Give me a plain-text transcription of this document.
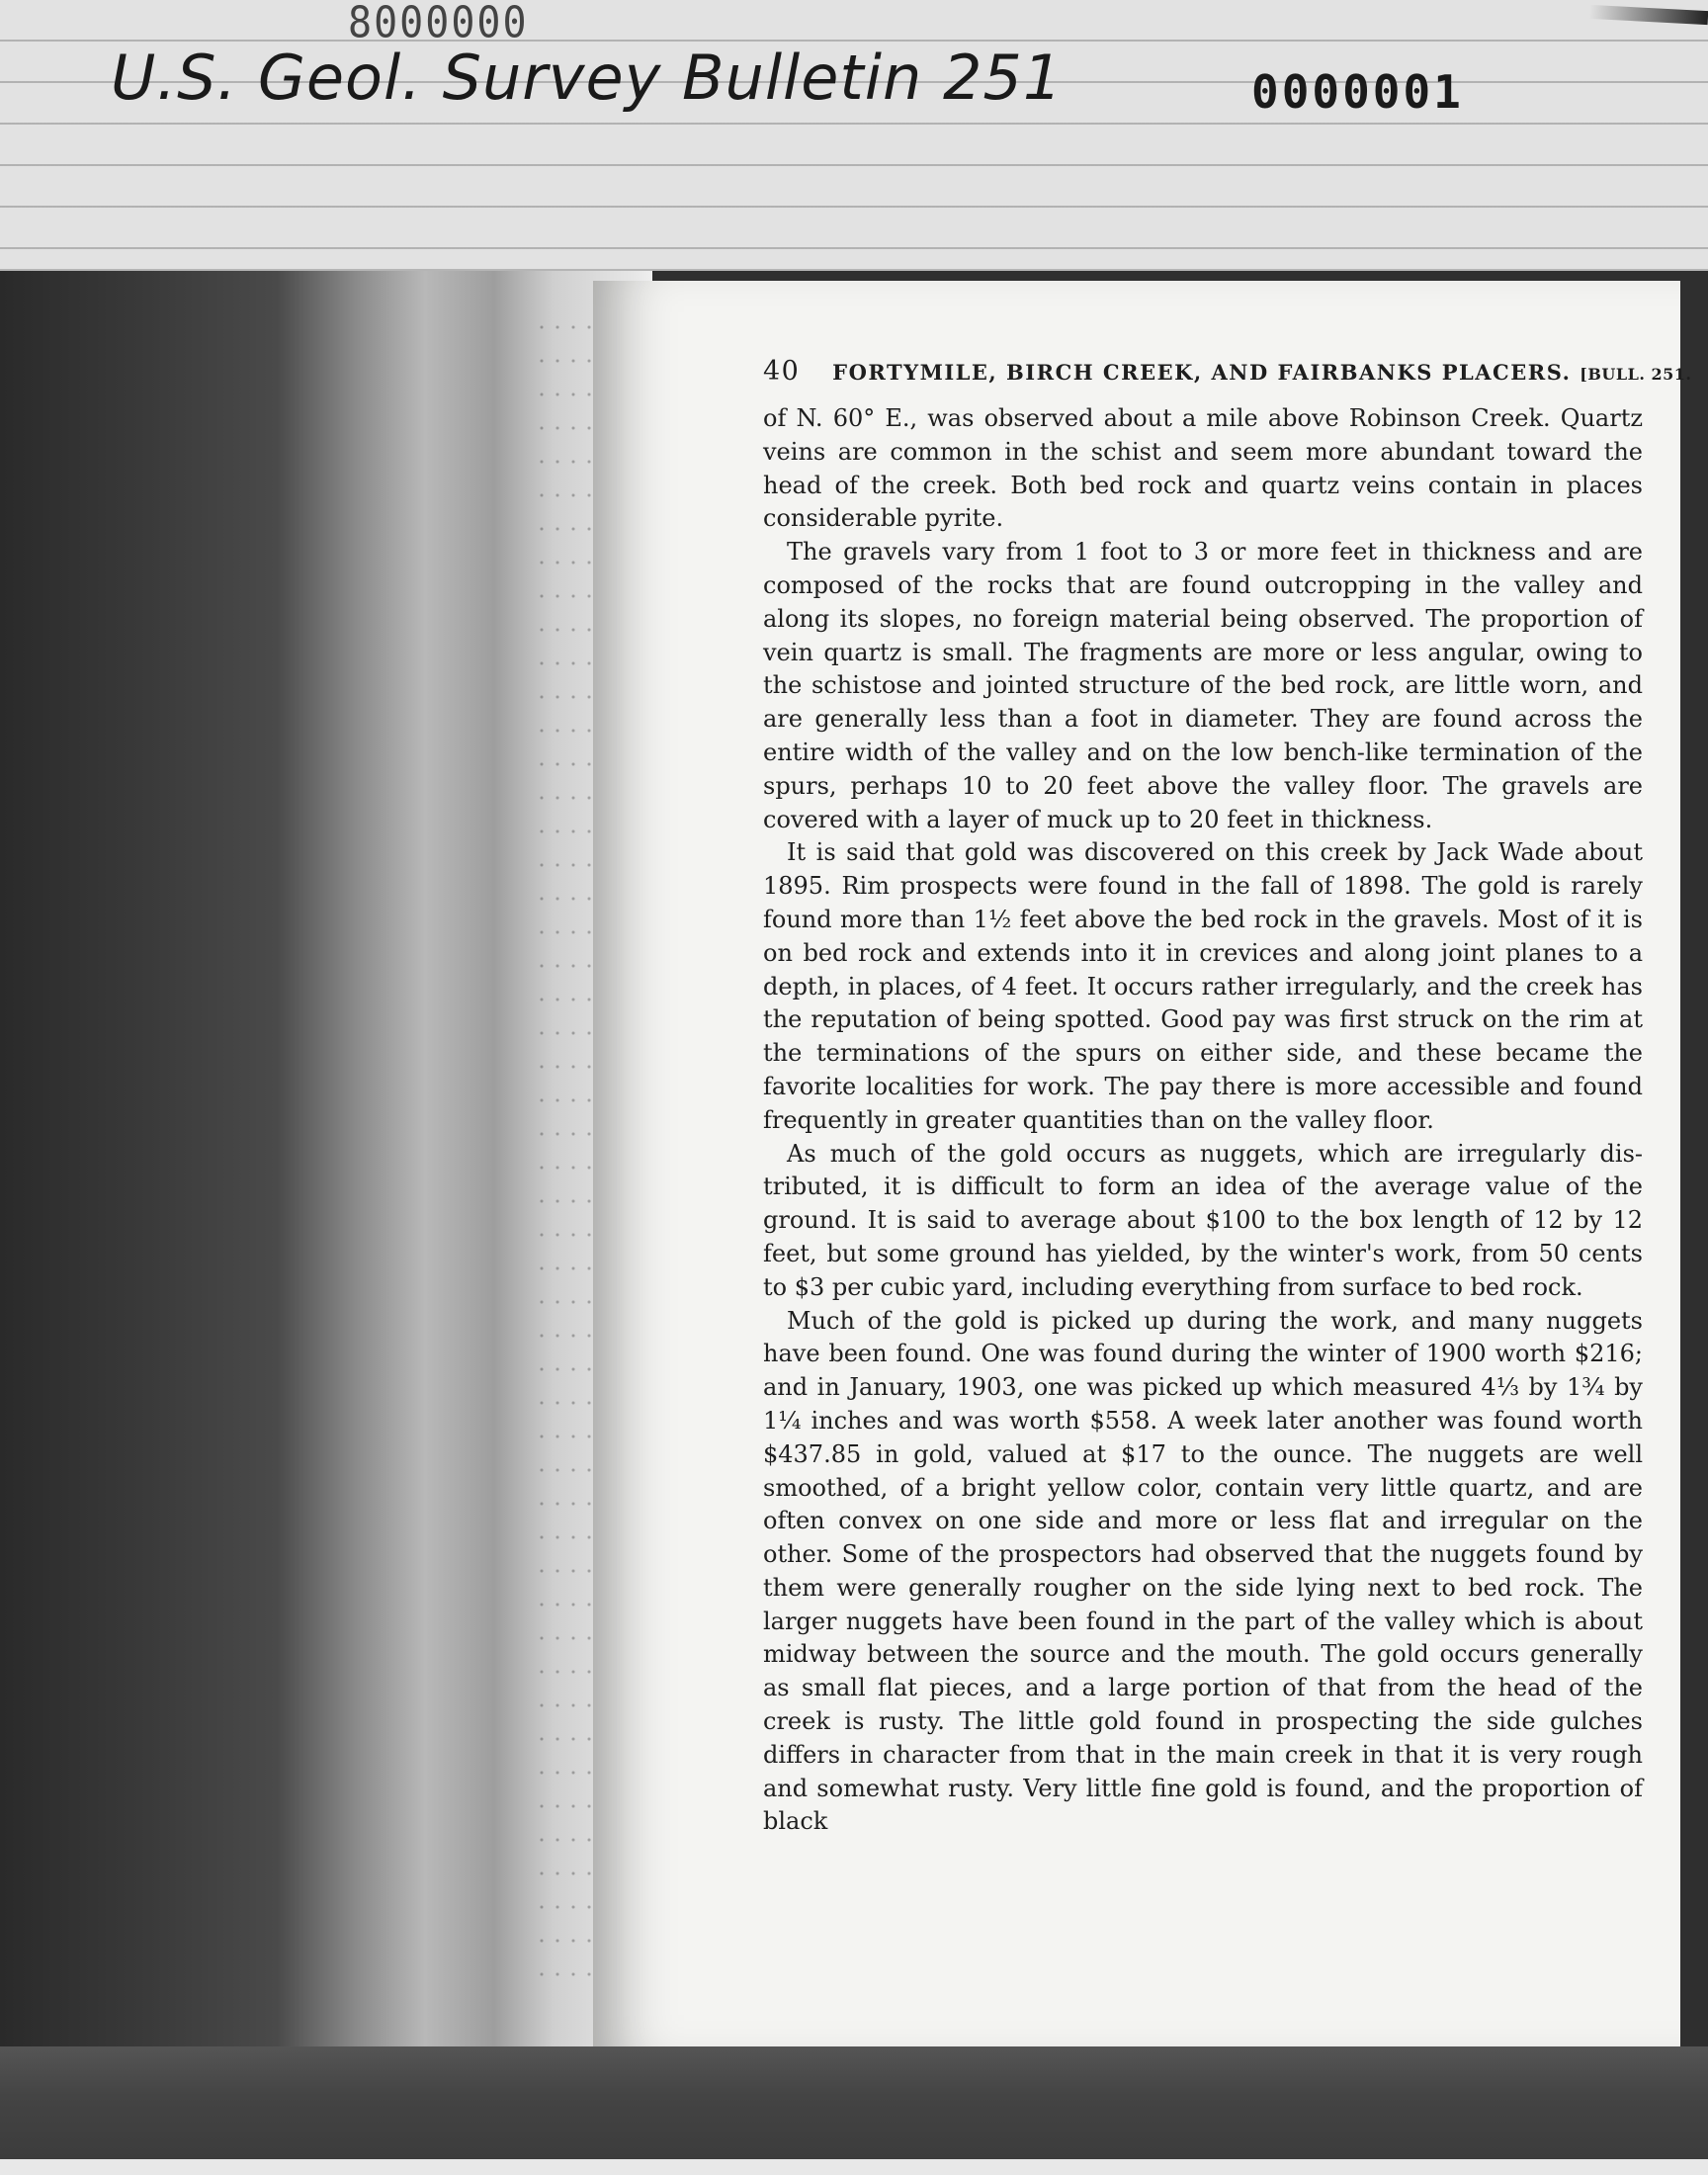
8000000
U.S. Geol. Survey Bulletin 251	0000001
40 FORTYMILE, BIRCH CREEK, AND FAIRBANKS PLACERS. [BULL. 251.

of N. 60° E., was observed about a mile above Robinson Creek. Quartz veins are common in the schist and seem more abundant toward the head of the creek. Both bed rock and quartz veins contain in places considerable pyrite.

The gravels vary from 1 foot to 3 or more feet in thickness and are composed of the rocks that are found outcropping in the valley and along its slopes, no foreign material being observed. The proportion of vein quartz is small. The fragments are more or less angular, owing to the schistose and jointed structure of the bed rock, are little worn, and are generally less than a foot in diameter. They are found across the entire width of the valley and on the low bench-like termination of the spurs, perhaps 10 to 20 feet above the valley floor. The gravels are covered with a layer of muck up to 20 feet in thickness.

It is said that gold was discovered on this creek by Jack Wade about 1895. Rim prospects were found in the fall of 1898. The gold is rarely found more than 1½ feet above the bed rock in the gravels. Most of it is on bed rock and extends into it in crevices and along joint planes to a depth, in places, of 4 feet. It occurs rather irregularly, and the creek has the reputation of being spotted. Good pay was first struck on the rim at the terminations of the spurs on either side, and these became the favorite localities for work. The pay there is more accessible and found frequently in greater quantities than on the valley floor.

As much of the gold occurs as nuggets, which are irregularly distributed, it is difficult to form an idea of the average value of the ground. It is said to average about $100 to the box length of 12 by 12 feet, but some ground has yielded, by the winter's work, from 50 cents to $3 per cubic yard, including everything from surface to bed rock.

Much of the gold is picked up during the work, and many nuggets have been found. One was found during the winter of 1900 worth $216; and in January, 1903, one was picked up which measured 4⅓ by 1¾ by 1¼ inches and was worth $558. A week later another was found worth $437.85 in gold, valued at $17 to the ounce. The nuggets are well smoothed, of a bright yellow color, contain very little quartz, and are often convex on one side and more or less flat and irregular on the other. Some of the prospectors had observed that the nuggets found by them were generally rougher on the side lying next to bed rock. The larger nuggets have been found in the part of the valley which is about midway between the source and the mouth. The gold occurs generally as small flat pieces, and a large portion of that from the head of the creek is rusty. The little gold found in prospecting the side gulches differs in character from that in the main creek in that it is very rough and somewhat rusty. Very little fine gold is found, and the proportion of black
